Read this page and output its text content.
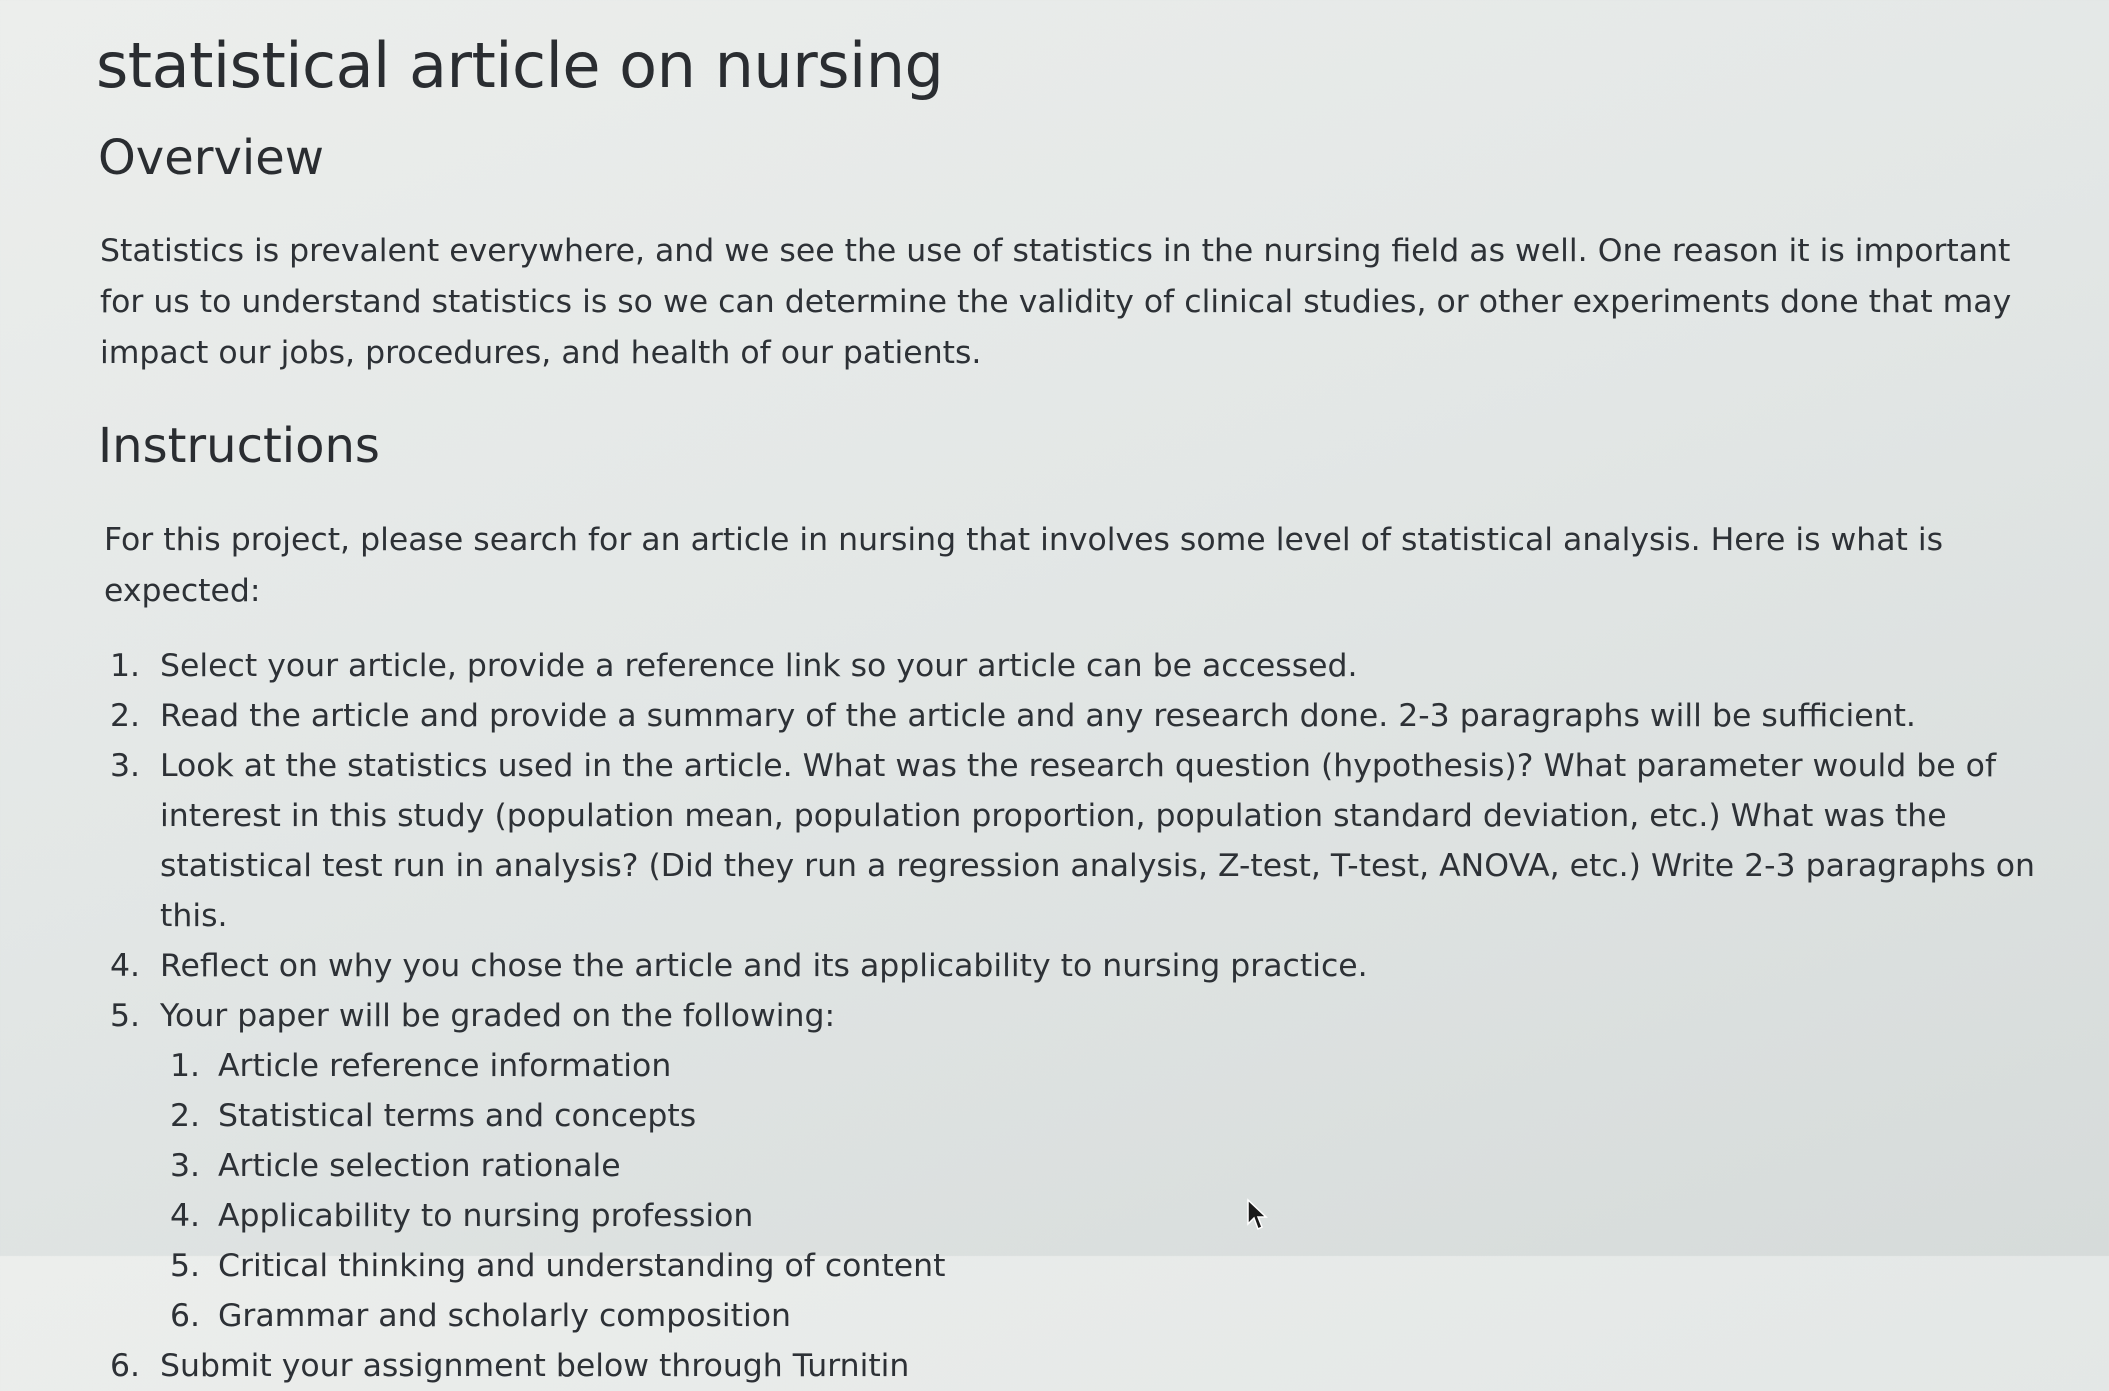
statistical article on nursing
Overview

Statistics is prevalent everywhere, and we see the use of statistics in the nursing field as well. One reason it is important for us to understand statistics is so we can determine the validity of clinical studies, or other experiments done that may impact our jobs, procedures, and health of our patients.

Instructions

For this project, please search for an article in nursing that involves some level of statistical analysis. Here is what is expected:

1. Select your article, provide a reference link so your article can be accessed.
2. Read the article and provide a summary of the article and any research done. 2-3 paragraphs will be sufficient.
3. Look at the statistics used in the article. What was the research question (hypothesis)? What parameter would be of interest in this study (population mean, population proportion, population standard deviation, etc.) What was the statistical test run in analysis? (Did they run a regression analysis, Z-test, T-test, ANOVA, etc.) Write 2-3 paragraphs on this.
4. Reflect on why you chose the article and its applicability to nursing practice.
5. Your paper will be graded on the following:
1. Article reference information
2. Statistical terms and concepts
3. Article selection rationale
4. Applicability to nursing profession
5. Critical thinking and understanding of content
6. Grammar and scholarly composition
6. Submit your assignment below through Turnitin
